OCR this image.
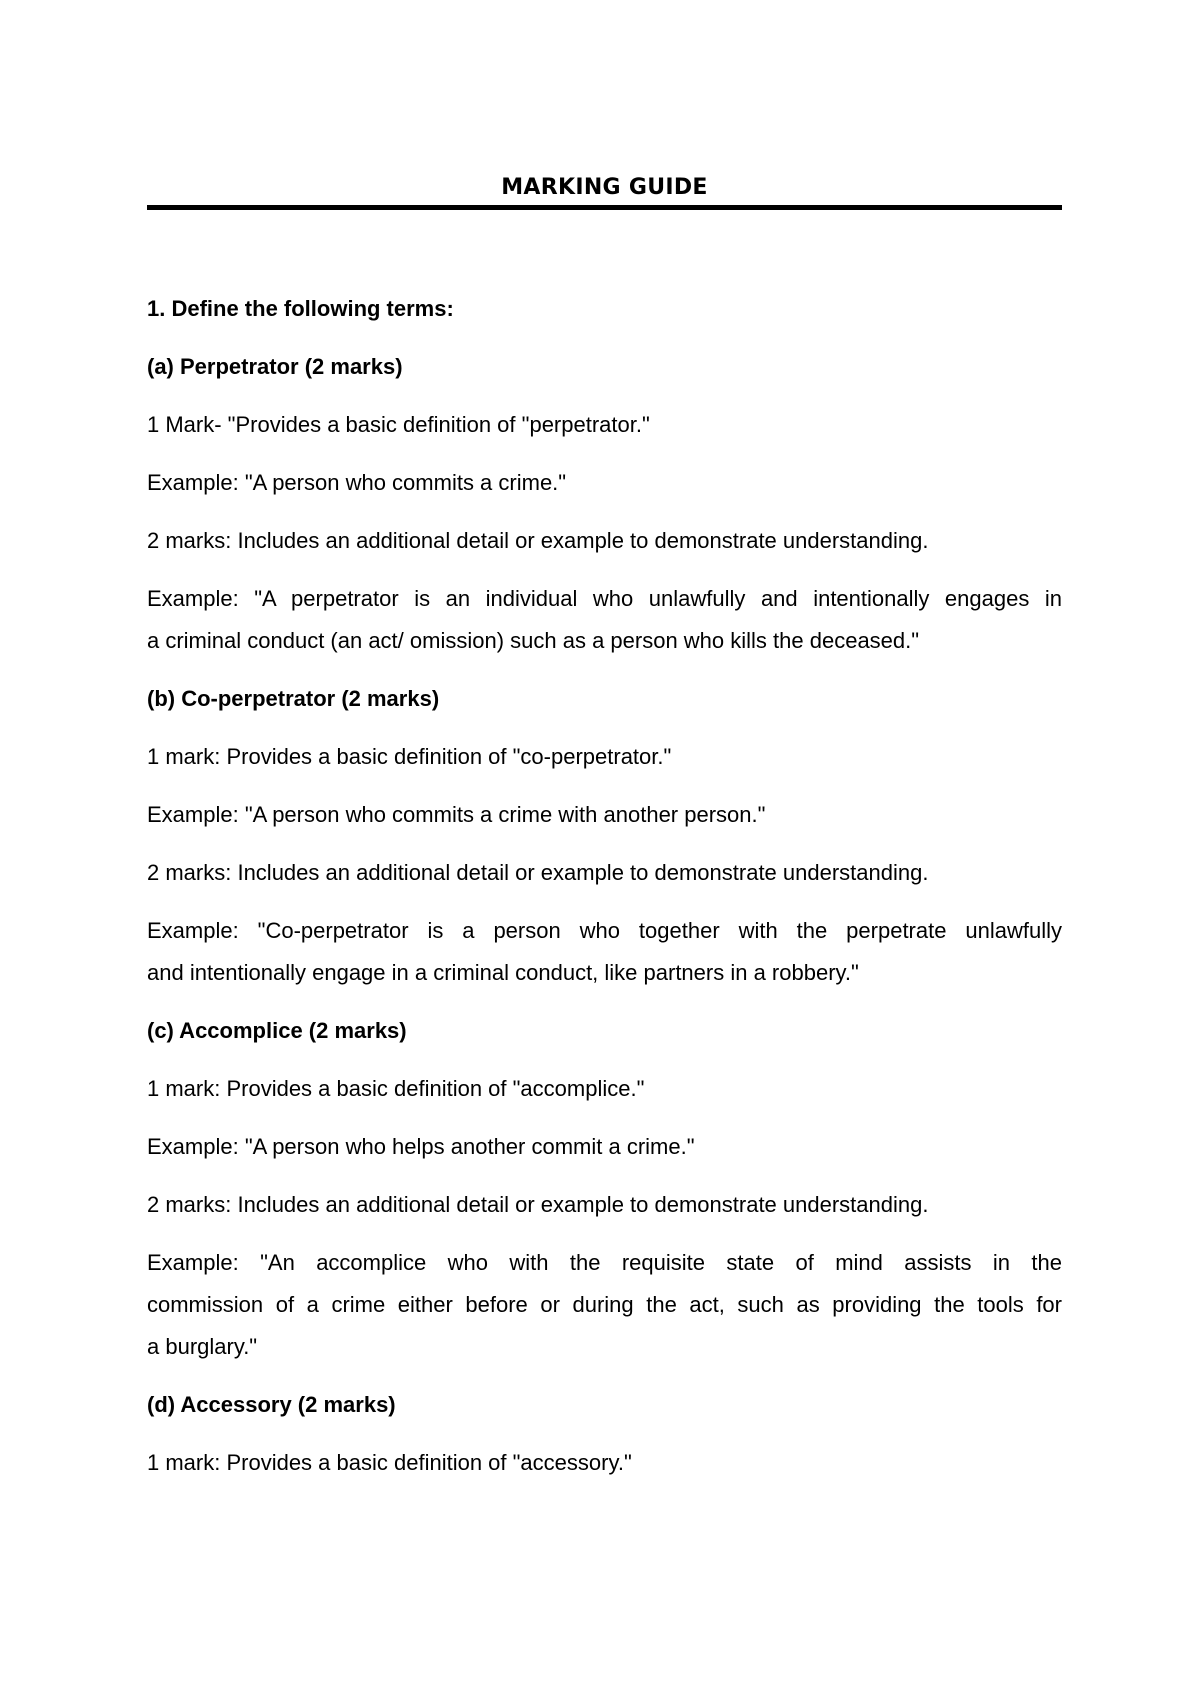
MARKING GUIDE
1. Define the following terms:
(a) Perpetrator (2 marks)
1 Mark- "Provides a basic definition of "perpetrator."
Example: "A person who commits a crime."
2 marks: Includes an additional detail or example to demonstrate understanding.
Example: "A perpetrator is an individual who unlawfully and intentionally engages in
a criminal conduct (an act/ omission) such as a person who kills the deceased."
(b) Co-perpetrator (2 marks)
1 mark: Provides a basic definition of "co-perpetrator."
Example: "A person who commits a crime with another person."
2 marks: Includes an additional detail or example to demonstrate understanding.
Example: "Co-perpetrator is a person who together with the perpetrate unlawfully
and intentionally engage in a criminal conduct, like partners in a robbery."
(c) Accomplice (2 marks)
1 mark: Provides a basic definition of "accomplice."
Example: "A person who helps another commit a crime."
2 marks: Includes an additional detail or example to demonstrate understanding.
Example: "An accomplice who with the requisite state of mind assists in the
commission of a crime either before or during the act, such as providing the tools for
a burglary."
(d) Accessory (2 marks)
1 mark: Provides a basic definition of "accessory."
